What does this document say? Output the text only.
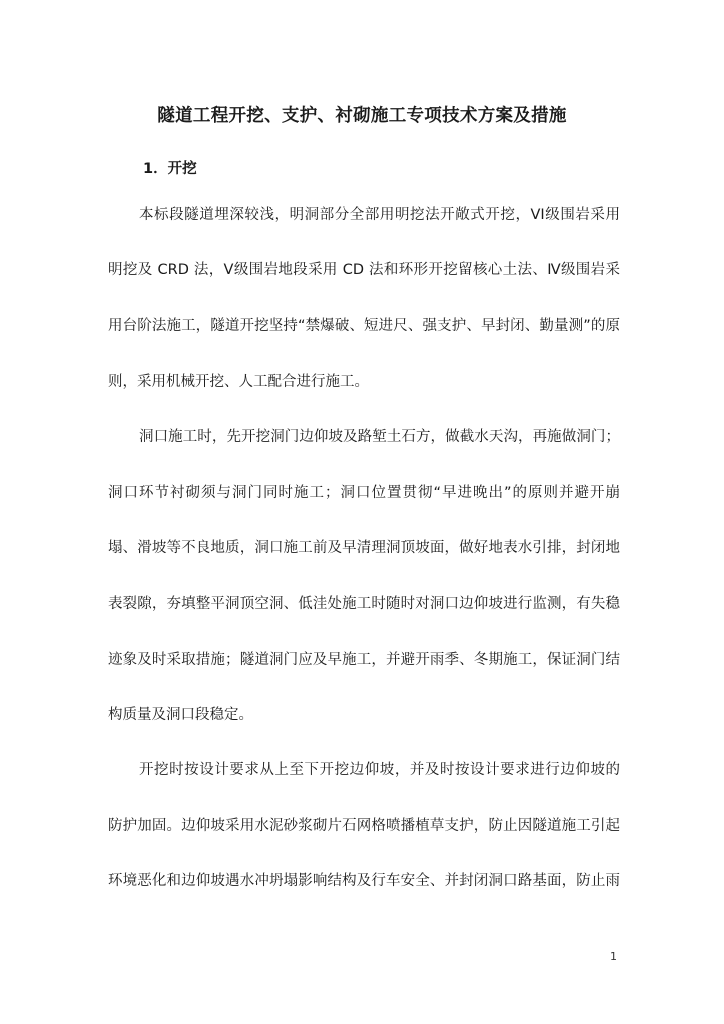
隧道工程开挖、支护、衬砌施工专项技术方案及措施
1．开挖
本标段隧道埋深较浅，明洞部分全部用明挖法开敞式开挖，VI级围岩采用
明挖及 CRD 法，Ⅴ级围岩地段采用 CD 法和环形开挖留核心土法、Ⅳ级围岩采
用台阶法施工，隧道开挖坚持“禁爆破、短进尺、强支护、早封闭、勤量测”的原
则，采用机械开挖、人工配合进行施工。
洞口施工时，先开挖洞门边仰坡及路堑土石方，做截水天沟，再施做洞门；
洞口环节衬砌须与洞门同时施工；洞口位置贯彻“早进晚出”的原则并避开崩
塌、滑坡等不良地质，洞口施工前及早清理洞顶坡面，做好地表水引排，封闭地
表裂隙，夯填整平洞顶空洞、低洼处施工时随时对洞口边仰坡进行监测，有失稳
迹象及时采取措施；隧道洞门应及早施工，并避开雨季、冬期施工，保证洞门结
构质量及洞口段稳定。
开挖时按设计要求从上至下开挖边仰坡，并及时按设计要求进行边仰坡的
防护加固。边仰坡采用水泥砂浆砌片石网格喷播植草支护，防止因隧道施工引起
环境恶化和边仰坡遇水冲坍塌影响结构及行车安全、并封闭洞口路基面，防止雨
1
